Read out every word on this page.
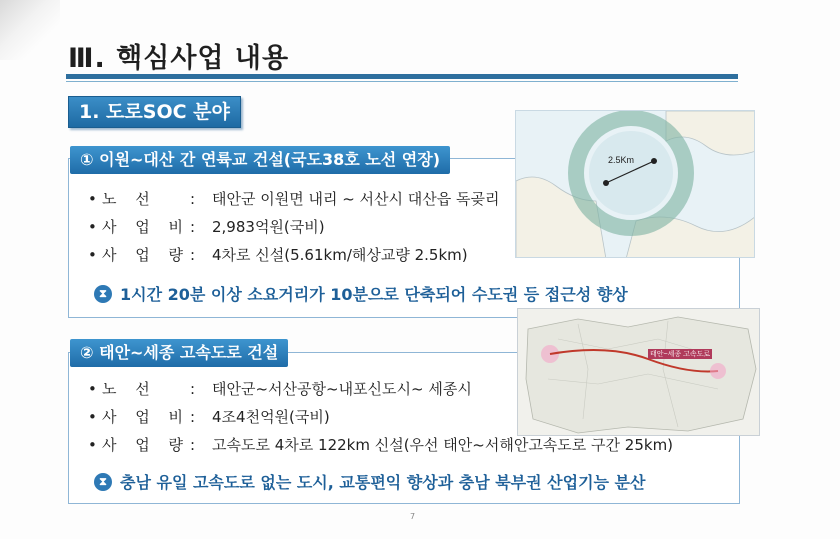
Ⅲ. 핵심사업 내용
1. 도로SOC 분야
① 이원~대산 간 연륙교 건설(국도38호 노선 연장)
• 노 선	:	태안군 이원면 내리 ~ 서산시 대산읍 독곶리
• 사 업 비 :	2,983억원(국비)
• 사 업 량 :	4차로 신설(5.61km/해상교량 2.5km)
⧗ 1시간 20분 이상 소요거리가 10분으로 단축되어 수도권 등 접근성 향상
2.5Km
② 태안~세종 고속도로 건설
• 노 선	:	태안군~서산공항~내포신도시~ 세종시
• 사 업 비 :	4조4천억원(국비)
• 사 업 량 :	고속도로 4차로 122km 신설(우선 태안~서해안고속도로 구간 25km)
⧗ 충남 유일 고속도로 없는 도시, 교통편익 향상과 충남 북부권 산업기능 분산
태안~세종 고속도로
7
